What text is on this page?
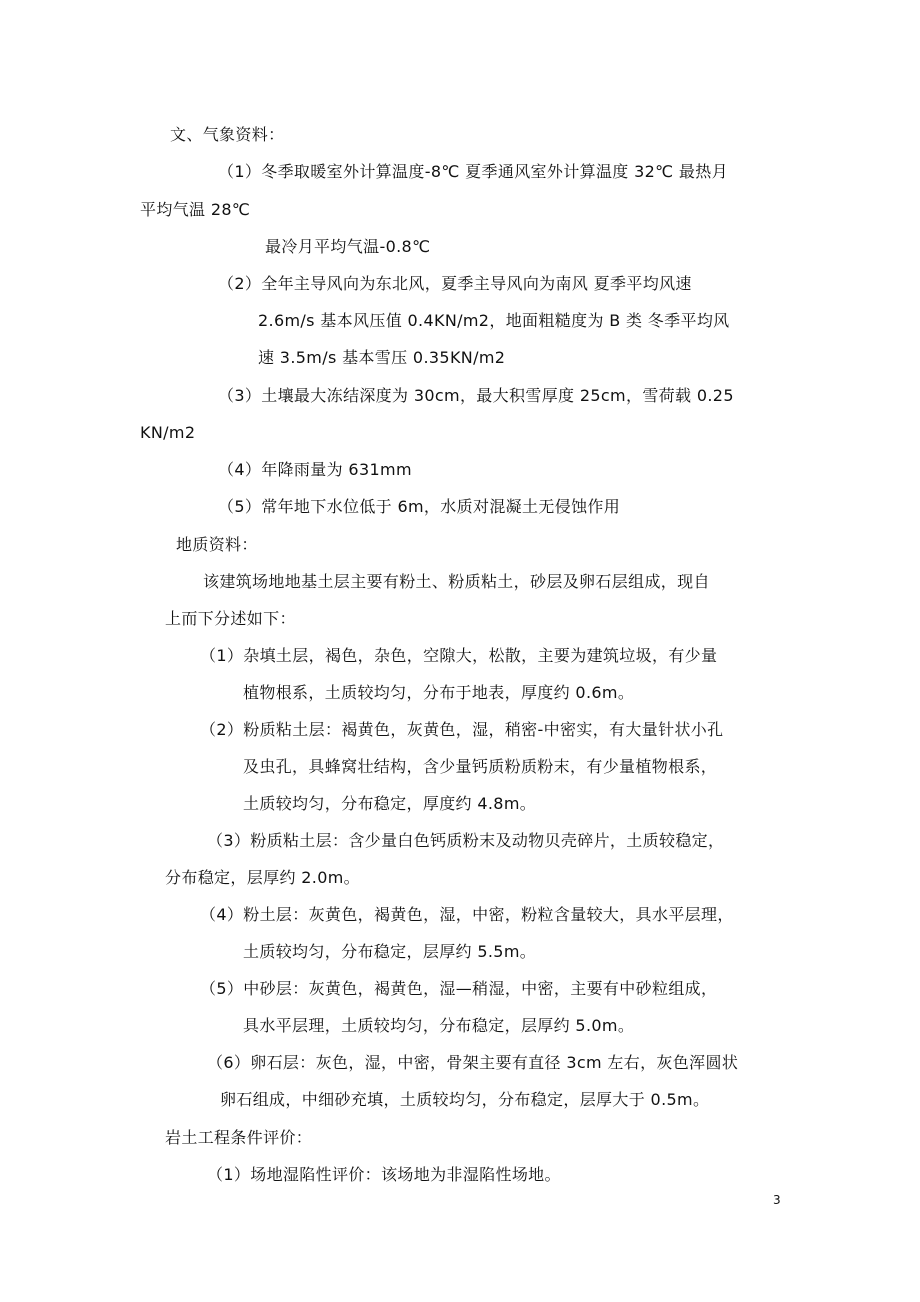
文、气象资料：
（1）冬季取暖室外计算温度-8℃ 夏季通风室外计算温度 32℃ 最热月
平均气温 28℃
最冷月平均气温-0.8℃
（2）全年主导风向为东北风，夏季主导风向为南风 夏季平均风速
2.6m/s 基本风压值 0.4KN/m2，地面粗糙度为 B 类 冬季平均风
速 3.5m/s 基本雪压 0.35KN/m2
（3）土壤最大冻结深度为 30cm，最大积雪厚度 25cm，雪荷载 0.25
KN/m2
（4）年降雨量为 631mm
（5）常年地下水位低于 6m，水质对混凝土无侵蚀作用
地质资料：
该建筑场地地基土层主要有粉土、粉质粘土，砂层及卵石层组成，现自
上而下分述如下：
（1）杂填土层，褐色，杂色，空隙大，松散，主要为建筑垃圾，有少量
植物根系，土质较均匀，分布于地表，厚度约 0.6m。
（2）粉质粘土层：褐黄色，灰黄色，湿，稍密-中密实，有大量针状小孔
及虫孔，具蜂窝壮结构，含少量钙质粉质粉末，有少量植物根系，
土质较均匀，分布稳定，厚度约 4.8m。
（3）粉质粘土层：含少量白色钙质粉末及动物贝壳碎片，土质较稳定，
分布稳定，层厚约 2.0m。
（4）粉土层：灰黄色，褐黄色，湿，中密，粉粒含量较大，具水平层理，
土质较均匀，分布稳定，层厚约 5.5m。
（5）中砂层：灰黄色，褐黄色，湿—稍湿，中密，主要有中砂粒组成，
具水平层理，土质较均匀，分布稳定，层厚约 5.0m。
（6）卵石层：灰色，湿，中密，骨架主要有直径 3cm 左右，灰色浑圆状
卵石组成，中细砂充填，土质较均匀，分布稳定，层厚大于 0.5m。
岩土工程条件评价：
（1）场地湿陷性评价：该场地为非湿陷性场地。
3
